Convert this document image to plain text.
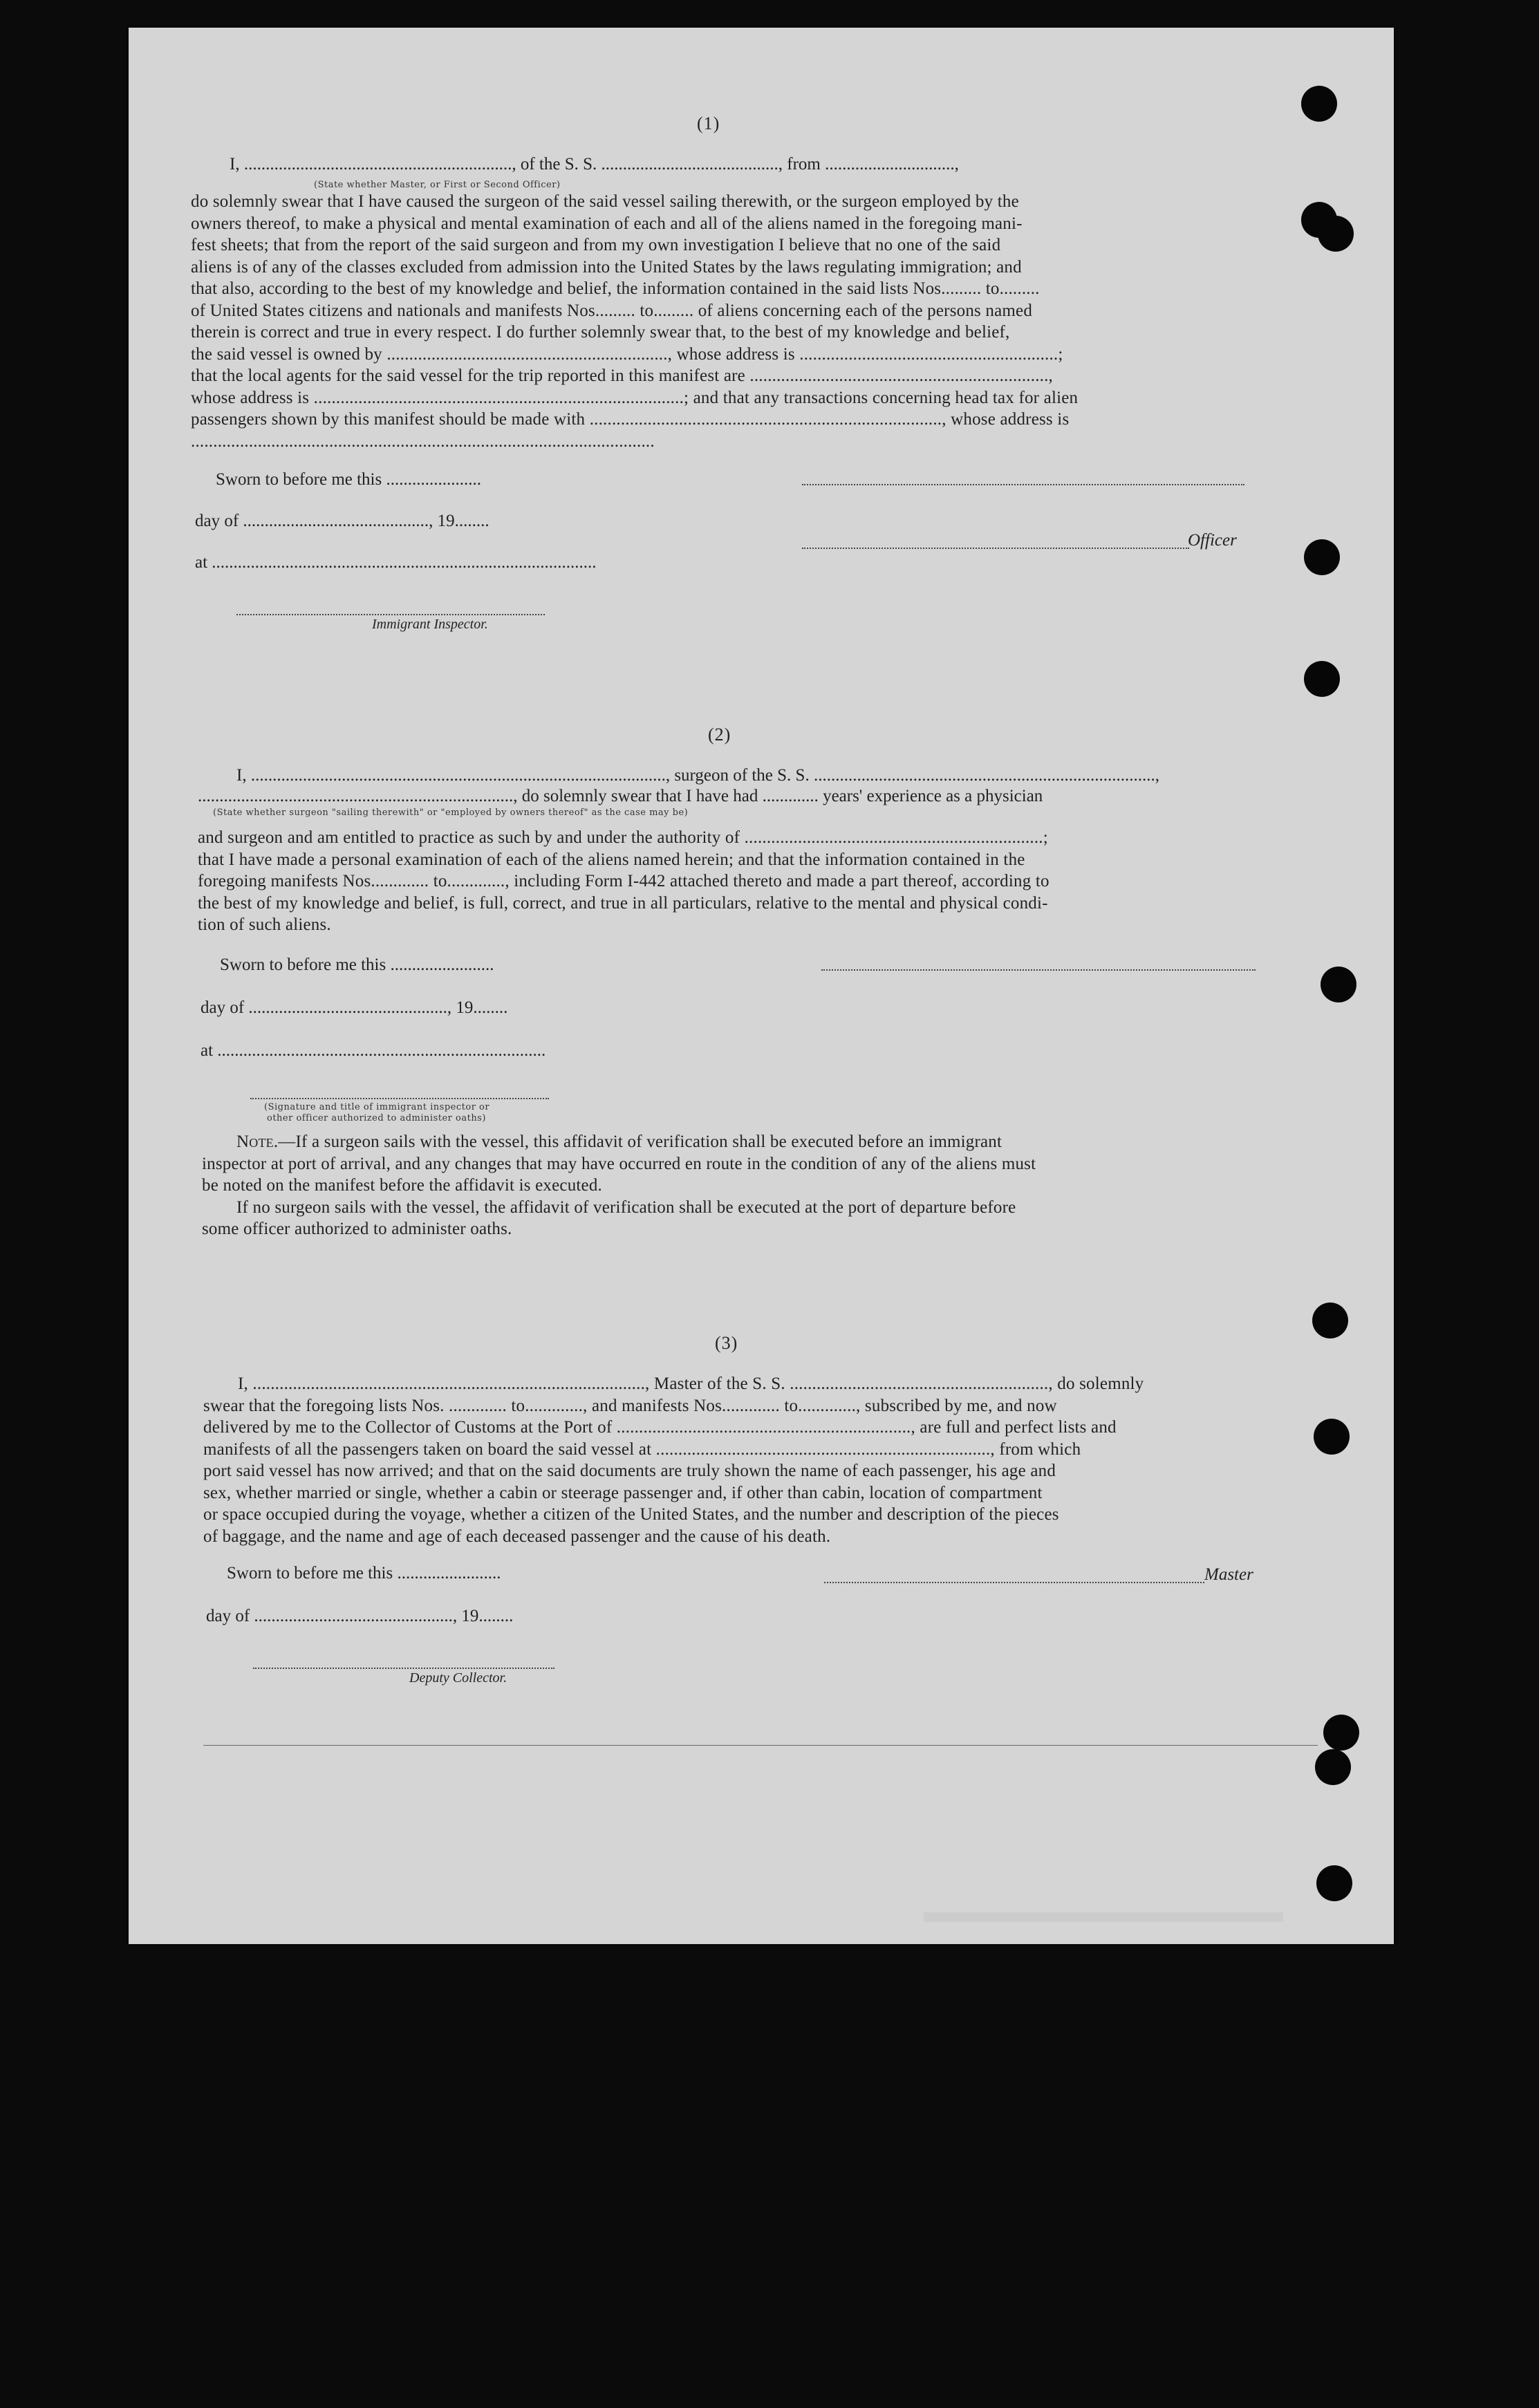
(1)
I, .............................................................., of the S. S. ........................................., from ..............................,
(State whether Master, or First or Second Officer)
do solemnly swear that I have caused the surgeon of the said vessel sailing therewith, or the surgeon employed by the
owners thereof, to make a physical and mental examination of each and all of the aliens named in the foregoing mani-
fest sheets; that from the report of the said surgeon and from my own investigation I believe that no one of the said
aliens is of any of the classes excluded from admission into the United States by the laws regulating immigration; and
that also, according to the best of my knowledge and belief, the information contained in the said lists Nos......... to.........
of United States citizens and nationals and manifests Nos......... to......... of aliens concerning each of the persons named
therein is correct and true in every respect. I do further solemnly swear that, to the best of my knowledge and belief,
the said vessel is owned by ..............................................................., whose address is ..........................................................;
that the local agents for the said vessel for the trip reported in this manifest are ...................................................................,
whose address is ...................................................................................; and that any transactions concerning head tax for alien
passengers shown by this manifest should be made with ..............................................................................., whose address is
........................................................................................................
Sworn to before me this ......................
day of ..........................................., 19........
Officer
at .........................................................................................
Immigrant Inspector.
(2)
I, ................................................................................................, surgeon of the S. S. ...............................................................................,
........................................................................., do solemnly swear that I have had ............. years' experience as a physician
(State whether surgeon "sailing therewith" or "employed by owners thereof" as the case may be)
and surgeon and am entitled to practice as such by and under the authority of ...................................................................;
that I have made a personal examination of each of the aliens named herein; and that the information contained in the
foregoing manifests Nos............. to............., including Form I-442 attached thereto and made a part thereof, according to
the best of my knowledge and belief, is full, correct, and true in all particulars, relative to the mental and physical condi-
tion of such aliens.
Sworn to before me this ........................
day of .............................................., 19........
at ............................................................................
(Signature and title of immigrant inspector or
other officer authorized to administer oaths)
Note.—If a surgeon sails with the vessel, this affidavit of verification shall be executed before an immigrant
inspector at port of arrival, and any changes that may have occurred en route in the condition of any of the aliens must
be noted on the manifest before the affidavit is executed.
If no surgeon sails with the vessel, the affidavit of verification shall be executed at the port of departure before
some officer authorized to administer oaths.
(3)
I, ........................................................................................, Master of the S. S. .........................................................., do solemnly
swear that the foregoing lists Nos. ............. to............., and manifests Nos............. to............., subscribed by me, and now
delivered by me to the Collector of Customs at the Port of .................................................................., are full and perfect lists and
manifests of all the passengers taken on board the said vessel at ..........................................................................., from which
port said vessel has now arrived; and that on the said documents are truly shown the name of each passenger, his age and
sex, whether married or single, whether a cabin or steerage passenger and, if other than cabin, location of compartment
or space occupied during the voyage, whether a citizen of the United States, and the number and description of the pieces
of baggage, and the name and age of each deceased passenger and the cause of his death.
Sworn to before me this ........................	Master
day of .............................................., 19........
Deputy Collector.
